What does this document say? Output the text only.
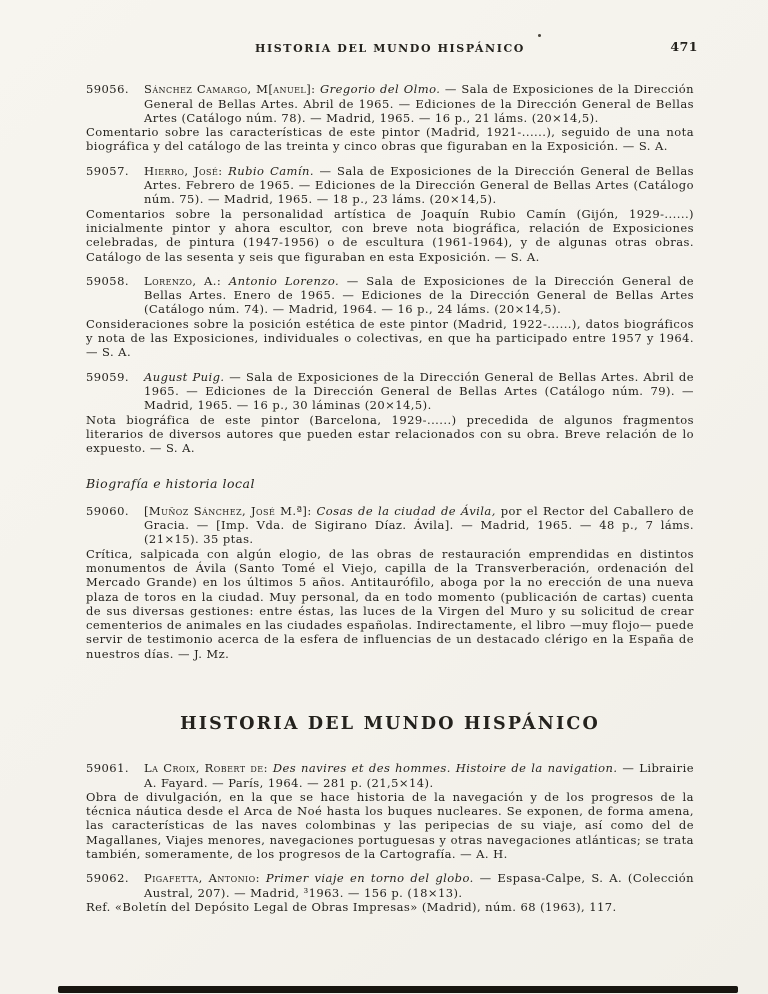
HISTORIA DEL MUNDO HISPÁNICO	471

59056. Sánchez Camargo, M[anuel]: Gregorio del Olmo. — Sala de Exposiciones de la Dirección General de Bellas Artes. Abril de 1965. — Ediciones de la Dirección General de Bellas Artes (Catálogo núm. 78). — Madrid, 1965. — 16 p., 21 láms. (20×14,5).

Comentario sobre las características de este pintor (Madrid, 1921-......), seguido de una nota biográfica y del catálogo de las treinta y cinco obras que figuraban en la Exposición. — S. A.

59057. Hierro, José: Rubio Camín. — Sala de Exposiciones de la Dirección General de Bellas Artes. Febrero de 1965. — Ediciones de la Dirección General de Bellas Artes (Catálogo núm. 75). — Madrid, 1965. — 18 p., 23 láms. (20×14,5).

Comentarios sobre la personalidad artística de Joaquín Rubio Camín (Gijón, 1929-......) inicialmente pintor y ahora escultor, con breve nota biográfica, relación de Exposiciones celebradas, de pintura (1947-1956) o de escultura (1961-1964), y de algunas otras obras. Catálogo de las sesenta y seis que figuraban en esta Exposición. — S. A.

59058. Lorenzo, A.: Antonio Lorenzo. — Sala de Exposiciones de la Dirección General de Bellas Artes. Enero de 1965. — Ediciones de la Dirección General de Bellas Artes (Catálogo núm. 74). — Madrid, 1964. — 16 p., 24 láms. (20×14,5).

Consideraciones sobre la posición estética de este pintor (Madrid, 1922-......), datos biográficos y nota de las Exposiciones, individuales o colectivas, en que ha participado entre 1957 y 1964. — S. A.

59059. August Puig. — Sala de Exposiciones de la Dirección General de Bellas Artes. Abril de 1965. — Ediciones de la Dirección General de Bellas Artes (Catálogo núm. 79). — Madrid, 1965. — 16 p., 30 láminas (20×14,5).

Nota biográfica de este pintor (Barcelona, 1929-......) precedida de algunos fragmentos literarios de diversos autores que pueden estar relacionados con su obra. Breve relación de lo expuesto. — S. A.

Biografía e historia local

59060. [Muñoz Sánchez, José M.ª]: Cosas de la ciudad de Ávila, por el Rector del Caballero de Gracia. — [Imp. Vda. de Sigirano Díaz. Ávila]. — Madrid, 1965. — 48 p., 7 láms. (21×15). 35 ptas.

Crítica, salpicada con algún elogio, de las obras de restauración emprendidas en distintos monumentos de Ávila (Santo Tomé el Viejo, capilla de la Transverberación, ordenación del Mercado Grande) en los últimos 5 años. Antitaurófilo, aboga por la no erección de una nueva plaza de toros en la ciudad. Muy personal, da en todo momento (publicación de cartas) cuenta de sus diversas gestiones: entre éstas, las luces de la Virgen del Muro y su solicitud de crear cementerios de animales en las ciudades españolas. Indirectamente, el libro —muy flojo— puede servir de testimonio acerca de la esfera de influencias de un destacado clérigo en la España de nuestros días. — J. Mz.

HISTORIA DEL MUNDO HISPÁNICO

59061. La Croix, Robert de: Des navires et des hommes. Histoire de la navigation. — Librairie A. Fayard. — París, 1964. — 281 p. (21,5×14).

Obra de divulgación, en la que se hace historia de la navegación y de los progresos de la técnica náutica desde el Arca de Noé hasta los buques nucleares. Se exponen, de forma amena, las características de las naves colombinas y las peripecias de su viaje, así como del de Magallanes, Viajes menores, navegaciones portuguesas y otras navegaciones atlánticas; se trata también, someramente, de los progresos de la Cartografía. — A. H.

59062. Pigafetta, Antonio: Primer viaje en torno del globo. — Espasa-Calpe, S. A. (Colección Austral, 207). — Madrid, ³1963. — 156 p. (18×13).

Ref. «Boletín del Depósito Legal de Obras Impresas» (Madrid), núm. 68 (1963), 117.
